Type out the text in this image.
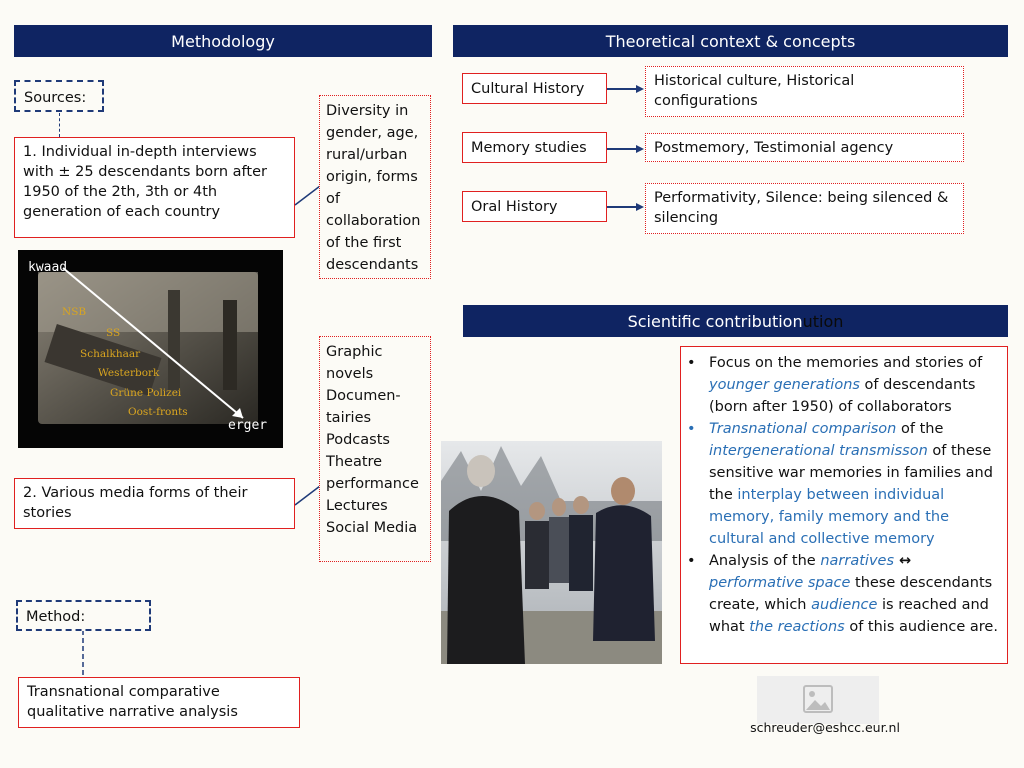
Methodology
Sources:
1. Individual in-depth interviews with ± 25 descendants born after 1950 of the 2th, 3th or 4th generation of each country
Diversity in gender, age, rural/urban origin, forms of collaboration of the first descendants
kwaad
erger
NSB
SS
Schalkhaar
Westerbork
Grüne Polizei
Oost-fronts
2. Various media forms of their stories
Graphic novels
Documen-tairies
Podcasts
Theatre performance
Lectures
Social Media
Method:
Transnational comparative qualitative narrative analysis
Theoretical context & concepts
Cultural History	Historical culture, Historical configurations
Memory studies	Postmemory, Testimonial agency
Oral History
Performativity, Silence: being silenced & silencing
Scientific contribution ution
• Focus on the memories and stories of younger generations of descendants (born after 1950) of collaborators
• Transnational comparison of the intergenerational transmisson of these sensitive war memories in families and the interplay between individual memory, family memory and the cultural and collective memory
• Analysis of the narratives ↔ performative space these descendants create, which audience is reached and what the reactions of this audience are.
schreuder@eshcc.eur.nl
